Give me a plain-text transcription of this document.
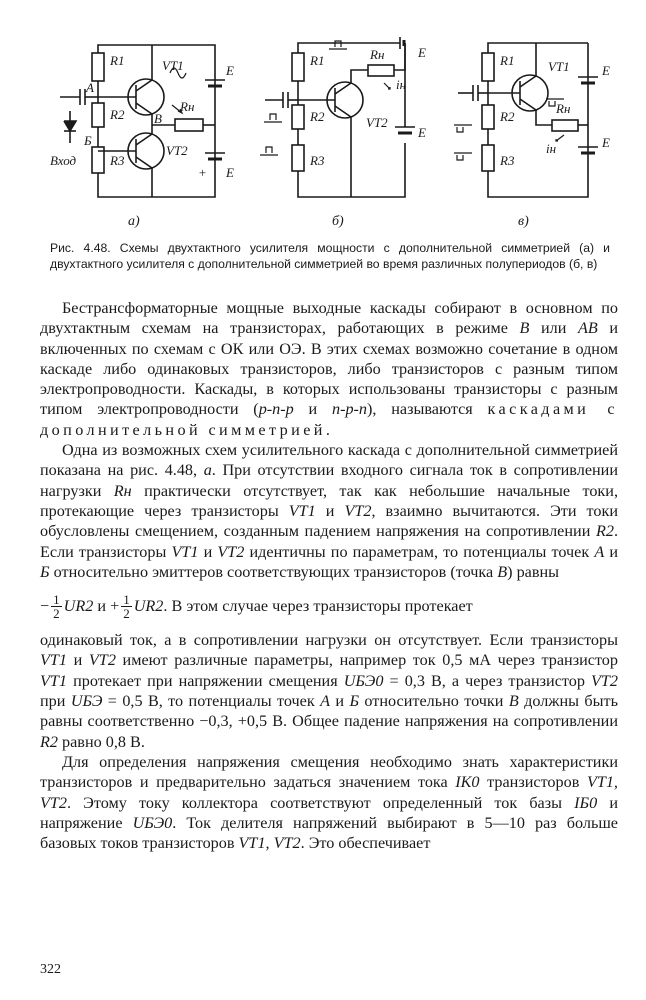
R1
R2
R3
VT1
VT2
Rн
E
E
+
А
Б
В
Вход
R1
R2
R3
VT2
Rн
iн
E
E
R1
R2
R3
VT1
Rн
iн
E
E
а)	б)	в)
Рис. 4.48. Схемы двухтактного усилителя мощности с дополнительной симметрией (а) и двухтактного усилителя с дополнительной симметрией во время различных полупериодов (б, в)

Бестрансформаторные мощные выходные каскады собирают в основном по двухтактным схемам на транзисторах, работающих в режиме B или AB и включенных по схемам с ОК или ОЭ. В этих схемах возможно сочетание в одном каскаде либо одинаковых транзисторов, либо транзисторов с разным типом электропроводности. Каскады, в которых использованы транзисторы с разным типом электропроводности (p-n-p и n-p-n), называются каскадами с дополнительной симметрией.

Одна из возможных схем усилительного каскада с дополнительной симметрией показана на рис. 4.48, а. При отсутствии входного сигнала ток в сопротивлении нагрузки Rн практически отсутствует, так как небольшие начальные токи, протекающие через транзисторы VT1 и VT2, взаимно вычитаются. Эти токи обусловлены смещением, созданным падением напряжения на сопротивлении R2. Если транзисторы VT1 и VT2 идентичны по параметрам, то потенциалы точек А и Б относительно эмиттеров соответствующих транзисторов (точка В) равны

− $\frac{1}{2} UR2$ $и + \frac{1}{2} UR2$ . В этом случае через транзисторы протекает

одинаковый ток, а в сопротивлении нагрузки он отсутствует. Если транзисторы VT1 и VT2 имеют различные параметры, например ток 0,5 мА через транзистор VT1 протекает при напряжении смещения UБЭ0 = 0,3 В, а через транзистор VT2 при UБЭ = 0,5 В, то потенциалы точек А и Б относительно точки В должны быть равны соответственно −0,3, +0,5 В. Общее падение напряжения на сопротивлении R2 равно 0,8 В.

Для определения напряжения смещения необходимо знать характеристики транзисторов и предварительно задаться значением тока IК0 транзисторов VT1, VT2. Этому току коллектора соответствуют определенный ток базы IБ0 и напряжение UБЭ0. Ток делителя напряжений выбирают в 5—10 раз больше базовых токов транзисторов VT1, VT2. Это обеспечивает

322
